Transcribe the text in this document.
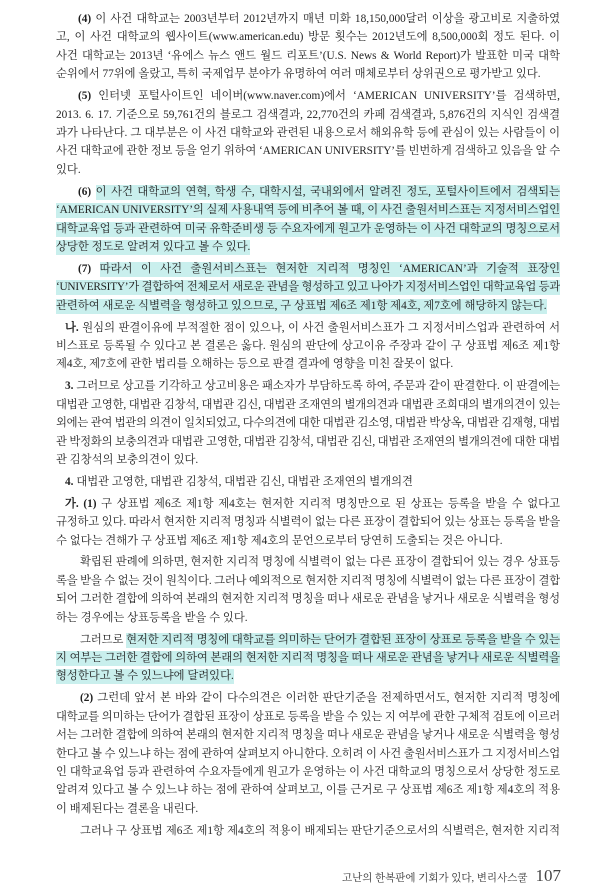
(4) 이 사건 대학교는 2003년부터 2012년까지 매년 미화 18,150,000달러 이상을 광고비로 지출하였
고, 이 사건 대학교의 웹사이트(www.american.edu) 방문 횟수는 2012년도에 8,500,000회 정도 된다. 이
사건 대학교는 2013년 ‘유에스 뉴스 앤드 월드 리포트’(U.S. News & World Report)가 발표한 미국 대학
순위에서 77위에 올랐고, 특히 국제업무 분야가 유명하여 여러 매체로부터 상위권으로 평가받고 있다.
(5) 인터넷 포털사이트인 네이버(www.naver.com)에서 ‘AMERICAN UNIVERSITY’를 검색하면,
2013. 6. 17. 기준으로 59,761건의 블로그 검색결과, 22,770건의 카페 검색결과, 5,876건의 지식인 검색결
과가 나타난다. 그 대부분은 이 사건 대학교와 관련된 내용으로서 해외유학 등에 관심이 있는 사람들이 이
사건 대학교에 관한 정보 등을 얻기 위하여 ‘AMERICAN UNIVERSITY’를 빈번하게 검색하고 있음을 알 수
있다.
(6) 이 사건 대학교의 연혁, 학생 수, 대학시설, 국내외에서 알려진 정도, 포털사이트에서 검색되는
‘AMERICAN UNIVERSITY’의 실제 사용내역 등에 비추어 볼 때, 이 사건 출원서비스표는 지정서비스업인
대학교육업 등과 관련하여 미국 유학준비생 등 수요자에게 원고가 운영하는 이 사건 대학교의 명칭으로서
상당한 정도로 알려져 있다고 볼 수 있다.
(7) 따라서 이 사건 출원서비스표는 현저한 지리적 명칭인 ‘AMERICAN’과 기술적 표장인
‘UNIVERSITY’가 결합하여 전체로서 새로운 관념을 형성하고 있고 나아가 지정서비스업인 대학교육업 등과
관련하여 새로운 식별력을 형성하고 있으므로, 구 상표법 제6조 제1항 제4호, 제7호에 해당하지 않는다.
나. 원심의 판결이유에 부적절한 점이 있으나, 이 사건 출원서비스표가 그 지정서비스업과 관련하여 서
비스표로 등록될 수 있다고 본 결론은 옳다. 원심의 판단에 상고이유 주장과 같이 구 상표법 제6조 제1항
제4호, 제7호에 관한 법리를 오해하는 등으로 판결 결과에 영향을 미친 잘못이 없다.
3. 그러므로 상고를 기각하고 상고비용은 패소자가 부담하도록 하여, 주문과 같이 판결한다. 이 판결에는
대법관 고영한, 대법관 김창석, 대법관 김신, 대법관 조재연의 별개의견과 대법관 조희대의 별개의견이 있는
외에는 관여 법관의 의견이 일치되었고, 다수의견에 대한 대법관 김소영, 대법관 박상옥, 대법관 김재형, 대법
관 박정화의 보충의견과 대법관 고영한, 대법관 김창석, 대법관 김신, 대법관 조재연의 별개의견에 대한 대법
관 김창석의 보충의견이 있다.
4. 대법관 고영한, 대법관 김창석, 대법관 김신, 대법관 조재연의 별개의견
가. (1) 구 상표법 제6조 제1항 제4호는 현저한 지리적 명칭만으로 된 상표는 등록을 받을 수 없다고
규정하고 있다. 따라서 현저한 지리적 명칭과 식별력이 없는 다른 표장이 결합되어 있는 상표는 등록을 받을
수 없다는 견해가 구 상표법 제6조 제1항 제4호의 문언으로부터 당연히 도출되는 것은 아니다.
확립된 판례에 의하면, 현저한 지리적 명칭에 식별력이 없는 다른 표장이 결합되어 있는 경우 상표등
록을 받을 수 없는 것이 원칙이다. 그러나 예외적으로 현저한 지리적 명칭에 식별력이 없는 다른 표장이 결합
되어 그러한 결합에 의하여 본래의 현저한 지리적 명칭을 떠나 새로운 관념을 낳거나 새로운 식별력을 형성
하는 경우에는 상표등록을 받을 수 있다.
그러므로 현저한 지리적 명칭에 대학교를 의미하는 단어가 결합된 표장이 상표로 등록을 받을 수 있는
지 여부는 그러한 결합에 의하여 본래의 현저한 지리적 명칭을 떠나 새로운 관념을 낳거나 새로운 식별력을
형성한다고 볼 수 있느냐에 달려있다.
(2) 그런데 앞서 본 바와 같이 다수의견은 이러한 판단기준을 전제하면서도, 현저한 지리적 명칭에
대학교를 의미하는 단어가 결합된 표장이 상표로 등록을 받을 수 있는 지 여부에 관한 구체적 검토에 이르러
서는 그러한 결합에 의하여 본래의 현저한 지리적 명칭을 떠나 새로운 관념을 낳거나 새로운 식별력을 형성
한다고 볼 수 있느냐 하는 점에 관하여 살펴보지 아니한다. 오히려 이 사건 출원서비스표가 그 지정서비스업
인 대학교육업 등과 관련하여 수요자들에게 원고가 운영하는 이 사건 대학교의 명칭으로서 상당한 정도로
알려져 있다고 볼 수 있느냐 하는 점에 관하여 살펴보고, 이를 근거로 구 상표법 제6조 제1항 제4호의 적용
이 배제된다는 결론을 내린다.
그러나 구 상표법 제6조 제1항 제4호의 적용이 배제되는 판단기준으로서의 식별력은, 현저한 지리적
고난의 한복판에 기회가 있다, 변리사스쿨 107
